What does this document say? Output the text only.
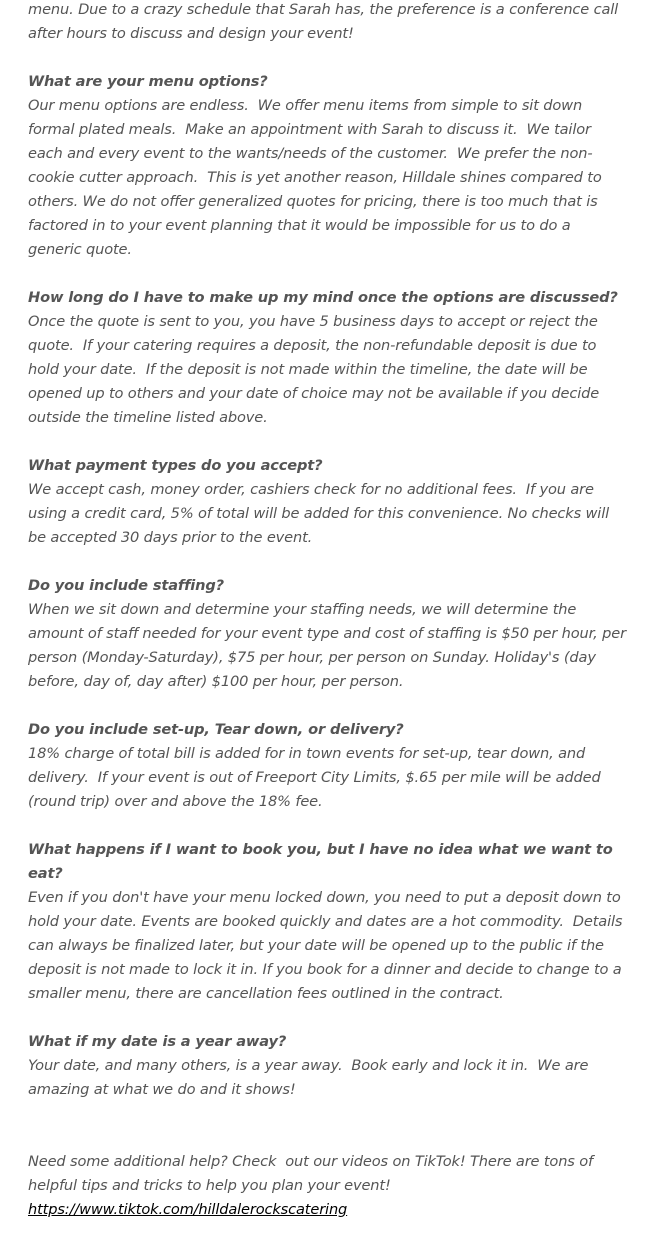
menu. Due to a crazy schedule that Sarah has, the preference is a conference call

after hours to discuss and design your event!

What are your menu options?

Our menu options are endless.  We offer menu items from simple to sit down formal plated meals.  Make an appointment with Sarah to discuss it.  We tailor each and every event to the wants/needs of the customer.  We prefer the non-cookie cutter approach.  This is yet another reason, Hilldale shines compared to others. We do not offer generalized quotes for pricing, there is too much that is factored in to your event planning that it would be impossible for us to do a generic quote.

How long do I have to make up my mind once the options are discussed?

Once the quote is sent to you, you have 5 business days to accept or reject the quote.  If your catering requires a deposit, the non-refundable deposit is due to hold your date.  If the deposit is not made within the timeline, the date will be opened up to others and your date of choice may not be available if you decide outside the timeline listed above.

What payment types do you accept?

We accept cash, money order, cashiers check for no additional fees.  If you are using a credit card, 5% of total will be added for this convenience. No checks will be accepted 30 days prior to the event.

Do you include staffing?

When we sit down and determine your staffing needs, we will determine the amount of staff needed for your event type and cost of staffing is $50 per hour, per person (Monday-Saturday), $75 per hour, per person on Sunday. Holiday's (day before, day of, day after) $100 per hour, per person.

Do you include set-up, Tear down, or delivery?

18% charge of total bill is added for in town events for set-up, tear down, and delivery.  If your event is out of Freeport City Limits, $.65 per mile will be added (round trip) over and above the 18% fee.

What happens if I want to book you, but I have no idea what we want to eat?

Even if you don't have your menu locked down, you need to put a deposit down to hold your date. Events are booked quickly and dates are a hot commodity.  Details can always be finalized later, but your date will be opened up to the public if the deposit is not made to lock it in. If you book for a dinner and decide to change to a smaller menu, there are cancellation fees outlined in the contract.

What if my date is a year away?

Your date, and many others, is a year away.  Book early and lock it in.  We are amazing at what we do and it shows!

Need some additional help? Check  out our videos on TikTok! There are tons of helpful tips and tricks to help you plan your event!

https://www.tiktok.com/hilldalerockscatering
